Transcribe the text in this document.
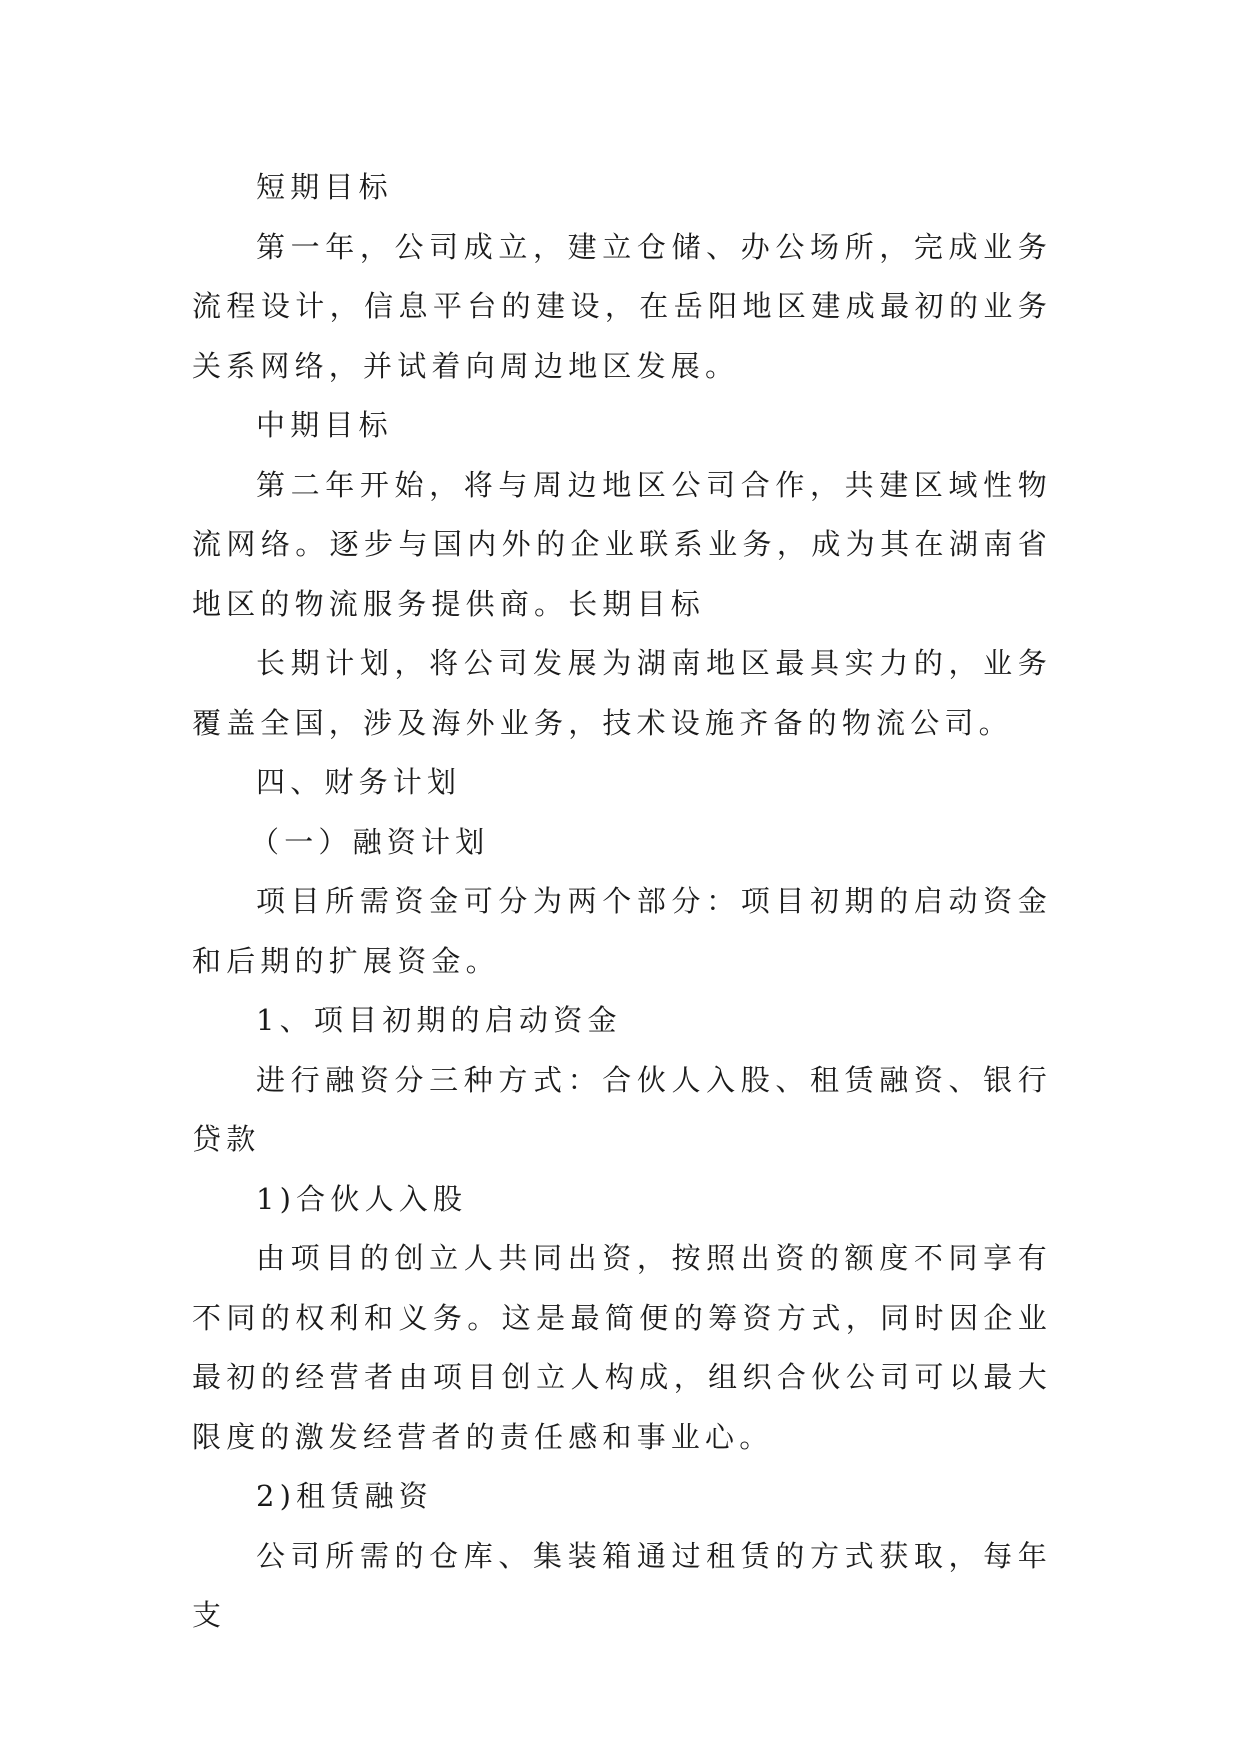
短期目标

第一年，公司成立，建立仓储、办公场所，完成业务流程设计，信息平台的建设，在岳阳地区建成最初的业务关系网络，并试着向周边地区发展。

中期目标

第二年开始，将与周边地区公司合作，共建区域性物流网络。逐步与国内外的企业联系业务，成为其在湖南省地区的物流服务提供商。长期目标

长期计划，将公司发展为湖南地区最具实力的，业务覆盖全国，涉及海外业务，技术设施齐备的物流公司。

四、财务计划

（一）融资计划

项目所需资金可分为两个部分：项目初期的启动资金和后期的扩展资金。

1、项目初期的启动资金

进行融资分三种方式：合伙人入股、租赁融资、银行贷款

1)合伙人入股

由项目的创立人共同出资，按照出资的额度不同享有不同的权利和义务。这是最简便的筹资方式，同时因企业最初的经营者由项目创立人构成，组织合伙公司可以最大限度的激发经营者的责任感和事业心。

2)租赁融资

公司所需的仓库、集装箱通过租赁的方式获取，每年支
